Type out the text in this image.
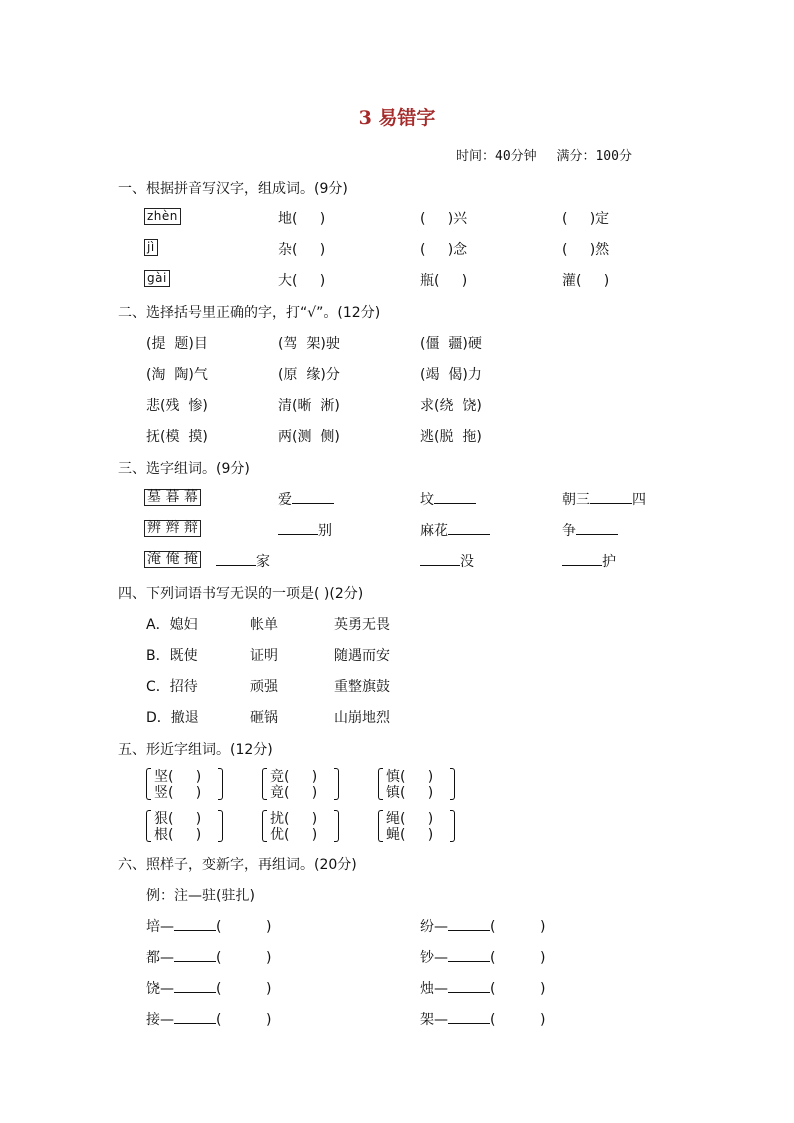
3 易错字
时间：40分钟 满分：100分
一、根据拼音写汉字，组成词。(9分)
zhèn	地(     )	(     )兴	(     )定
jì	杂(     )	(     )念	(     )然
gài	大(     )	瓶(     )	灌(     )
二、选择括号里正确的字，打“√”。(12分)
(提  题)目	(驾  架)驶	(僵  疆)硬
(淘  陶)气	(原  缘)分	(竭  偈)力
悲(残  惨)	清(晰  淅)	求(绕  饶)
抚(模  摸)	两(测  侧)	逃(脱  拖)
三、选字组词。(9分)
墓 暮 幕	爱	坟	朝三	四
辨 辫 辩	别	麻花	争
淹 俺 掩	家	没	护
四、下列词语书写无误的一项是( )(2分)
A．媳妇	帐单	英勇无畏
B．既使	证明	随遇而安
C．招待	顽强	重整旗鼓
D．撤退	砸锅	山崩地烈
五、形近字组词。(12分)
坚(     )
竖(     )
竞(     )
竟(     )
慎(     )
镇(     )
狠(     )
根(     )
扰(     )
优(     )
绳(     )
蝇(     )
六、照样子，变新字，再组词。(20分)
例：注—驻(驻扎)
培—	(          )	纷—	(          )
都—	(          )	钞—	(          )
饶—	(          )	烛—	(          )
接—	(          )	架—	(          )
